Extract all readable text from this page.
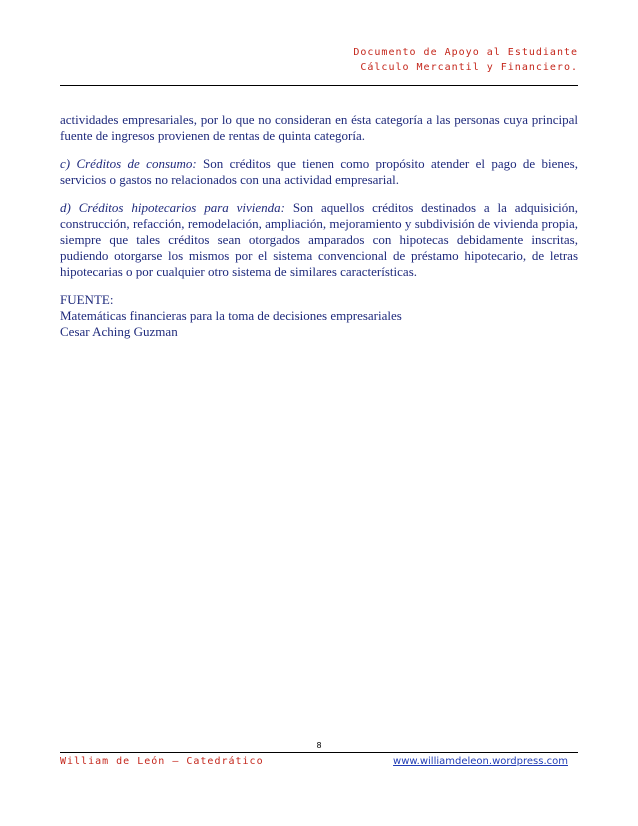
Documento de Apoyo al Estudiante
Cálculo Mercantil y Financiero.

actividades empresariales, por lo que no consideran en ésta categoría a las personas cuya principal fuente de ingresos provienen de rentas de quinta categoría.

c) Créditos de consumo: Son créditos que tienen como propósito atender el pago de bienes, servicios o gastos no relacionados con una actividad empresarial.

d) Créditos hipotecarios para vivienda: Son aquellos créditos destinados a la adquisición, construcción, refacción, remodelación, ampliación, mejoramiento y subdivisión de vivienda propia, siempre que tales créditos sean otorgados amparados con hipotecas debidamente inscritas, pudiendo otorgarse los mismos por el sistema convencional de préstamo hipotecario, de letras hipotecarias o por cualquier otro sistema de similares características.

FUENTE:

Matemáticas financieras para la toma de decisiones empresariales

Cesar Aching Guzman

8
William de León – Catedrático	www.williamdeleon.wordpress.com
